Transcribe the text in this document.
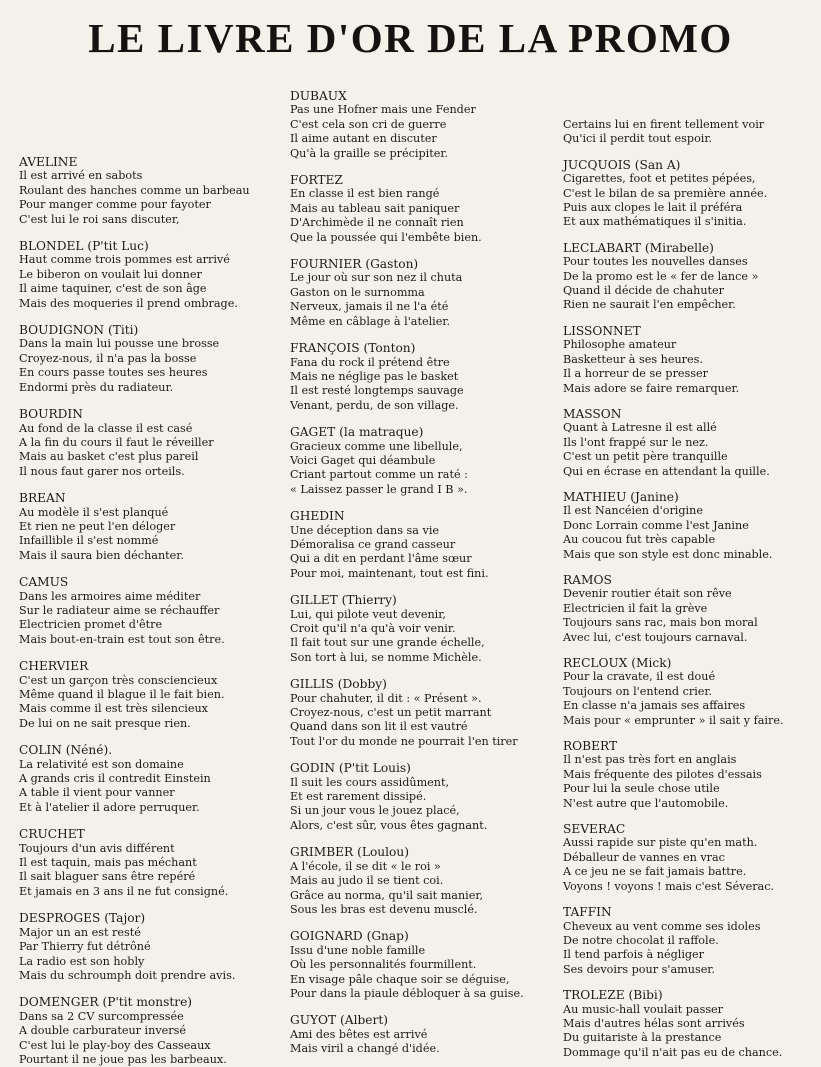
LE LIVRE D'OR DE LA PROMO
AVELINE
Il est arrivé en sabots
Roulant des hanches comme un barbeau
Pour manger comme pour fayoter
C'est lui le roi sans discuter,
BLONDEL (P'tit Luc)
Haut comme trois pommes est arrivé
Le biberon on voulait lui donner
Il aime taquiner, c'est de son âge
Mais des moqueries il prend ombrage.
BOUDIGNON (Titi)
Dans la main lui pousse une brosse
Croyez-nous, il n'a pas la bosse
En cours passe toutes ses heures
Endormi près du radiateur.
BOURDIN
Au fond de la classe il est casé
A la fin du cours il faut le réveiller
Mais au basket c'est plus pareil
Il nous faut garer nos orteils.
BREAN
Au modèle il s'est planqué
Et rien ne peut l'en déloger
Infaillible il s'est nommé
Mais il saura bien déchanter.
CAMUS
Dans les armoires aime méditer
Sur le radiateur aime se réchauffer
Electricien promet d'être
Mais bout-en-train est tout son être.
CHERVIER
C'est un garçon très consciencieux
Même quand il blague il le fait bien.
Mais comme il est très silencieux
De lui on ne sait presque rien.
COLIN (Néné).
La relativité est son domaine
A grands cris il contredit Einstein
A table il vient pour vanner
Et à l'atelier il adore perruquer.
CRUCHET
Toujours d'un avis différent
Il est taquin, mais pas méchant
Il sait blaguer sans être repéré
Et jamais en 3 ans il ne fut consigné.
DESPROGES (Tajor)
Major un an est resté
Par Thierry fut détrôné
La radio est son hobly
Mais du schroumph doit prendre avis.
DOMENGER (P'tit monstre)
Dans sa 2 CV surcompressée
A double carburateur inversé
C'est lui le play-boy des Casseaux
Pourtant il ne joue pas les barbeaux.
DUBAUX
Pas une Hofner mais une Fender
C'est cela son cri de guerre
Il aime autant en discuter
Qu'à la graille se précipiter.
FORTEZ
En classe il est bien rangé
Mais au tableau sait paniquer
D'Archimède il ne connaît rien
Que la poussée qui l'embête bien.
FOURNIER (Gaston)
Le jour où sur son nez il chuta
Gaston on le surnomma
Nerveux, jamais il ne l'a été
Même en câblage à l'atelier.
FRANÇOIS (Tonton)
Fana du rock il prétend être
Mais ne néglige pas le basket
Il est resté longtemps sauvage
Venant, perdu, de son village.
GAGET (la matraque)
Gracieux comme une libellule,
Voici Gaget qui déambule
Criant partout comme un raté :
« Laissez passer le grand I B ».
GHEDIN
Une déception dans sa vie
Démoralisa ce grand casseur
Qui a dit en perdant l'âme sœur
Pour moi, maintenant, tout est fini.
GILLET (Thierry)
Lui, qui pilote veut devenir,
Croit qu'il n'a qu'à voir venir.
Il fait tout sur une grande échelle,
Son tort à lui, se nomme Michèle.
GILLIS (Dobby)
Pour chahuter, il dit : « Présent ».
Croyez-nous, c'est un petit marrant
Quand dans son lit il est vautré
Tout l'or du monde ne pourrait l'en tirer
GODIN (P'tit Louis)
Il suit les cours assidûment,
Et est rarement dissipé.
Si un jour vous le jouez placé,
Alors, c'est sûr, vous êtes gagnant.
GRIMBER (Loulou)
A l'école, il se dit « le roi »
Mais au judo il se tient coi.
Grâce au norma, qu'il sait manier,
Sous les bras est devenu musclé.
GOIGNARD (Gnap)
Issu d'une noble famille
Où les personnalités fourmillent.
En visage pâle chaque soir se déguise,
Pour dans la piaule débloquer à sa guise.
GUYOT (Albert)
Ami des bêtes est arrivé
Mais viril a changé d'idée.
Certains lui en firent tellement voir
Qu'ici il perdit tout espoir.
JUCQUOIS (San A)
Cigarettes, foot et petites pépées,
C'est le bilan de sa première année.
Puis aux clopes le lait il préféra
Et aux mathématiques il s'initia.
LECLABART (Mirabelle)
Pour toutes les nouvelles danses
De la promo est le « fer de lance »
Quand il décide de chahuter
Rien ne saurait l'en empêcher.
LISSONNET
Philosophe amateur
Basketteur à ses heures.
Il a horreur de se presser
Mais adore se faire remarquer.
MASSON
Quant à Latresne il est allé
Ils l'ont frappé sur le nez.
C'est un petit père tranquille
Qui en écrase en attendant la quille.
MATHIEU (Janine)
Il est Nancéien d'origine
Donc Lorrain comme l'est Janine
Au coucou fut très capable
Mais que son style est donc minable.
RAMOS
Devenir routier était son rêve
Electricien il fait la grève
Toujours sans rac, mais bon moral
Avec lui, c'est toujours carnaval.
RECLOUX (Mick)
Pour la cravate, il est doué
Toujours on l'entend crier.
En classe n'a jamais ses affaires
Mais pour « emprunter » il sait y faire.
ROBERT
Il n'est pas très fort en anglais
Mais fréquente des pilotes d'essais
Pour lui la seule chose utile
N'est autre que l'automobile.
SEVERAC
Aussi rapide sur piste qu'en math.
Déballeur de vannes en vrac
A ce jeu ne se fait jamais battre.
Voyons ! voyons ! mais c'est Séverac.
TAFFIN
Cheveux au vent comme ses idoles
De notre chocolat il raffole.
Il tend parfois à négliger
Ses devoirs pour s'amuser.
TROLEZE (Bibi)
Au music-hall voulait passer
Mais d'autres hélas sont arrivés
Du guitariste à la prestance
Dommage qu'il n'ait pas eu de chance.
